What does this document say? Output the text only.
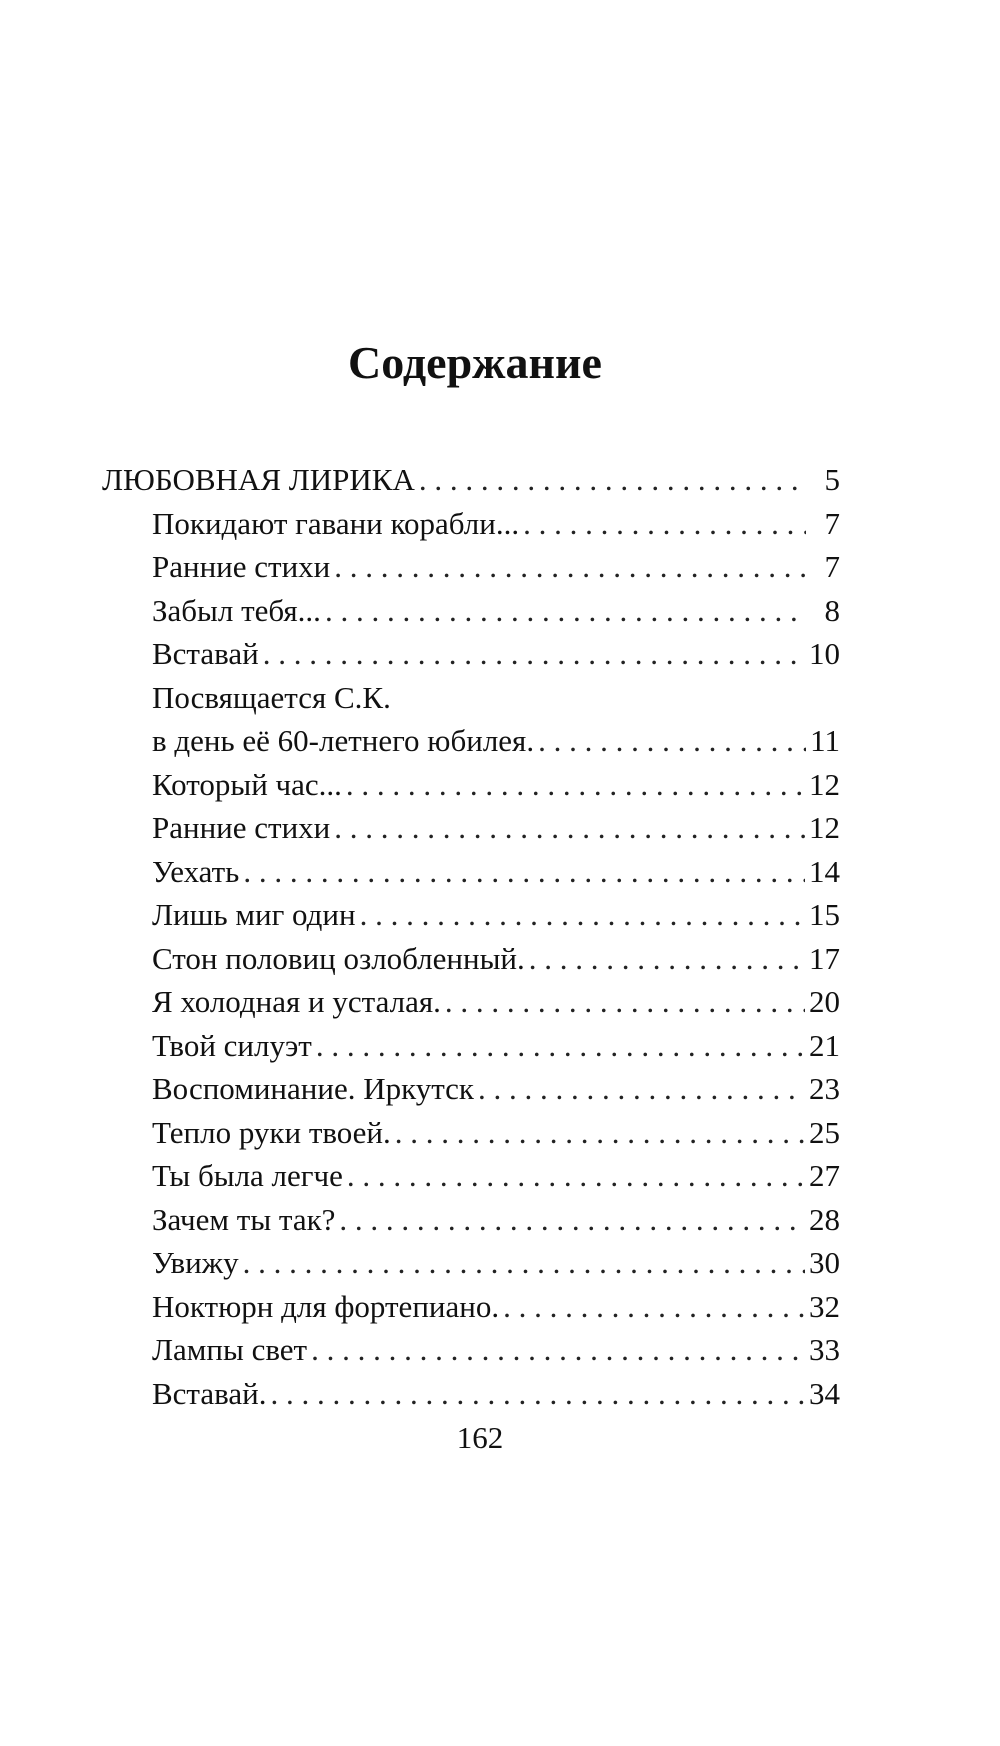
Содержание
ЛЮБОВНАЯ ЛИРИКА . . .	5
Покидают гавани корабли... . . .	7
Ранние стихи . . .	7
Забыл тебя... . . .	8
Вставай . . .	10
Посвящается С.К.
в день её 60-летнего юбилея. . . .	11
Который час... . . .	12
Ранние стихи . . .	12
Уехать . . .	14
Лишь миг один . . .	15
Стон половиц озлобленный. . . .	17
Я холодная и усталая. . . .	20
Твой силуэт . . .	21
Воспоминание. Иркутск . . .	23
Тепло руки твоей. . . .	25
Ты была легче . . .	27
Зачем ты так? . . .	28
Увижу . . .	30
Ноктюрн для фортепиано. . . .	32
Лампы свет . . .	33
Вставай. . . .	34
162
